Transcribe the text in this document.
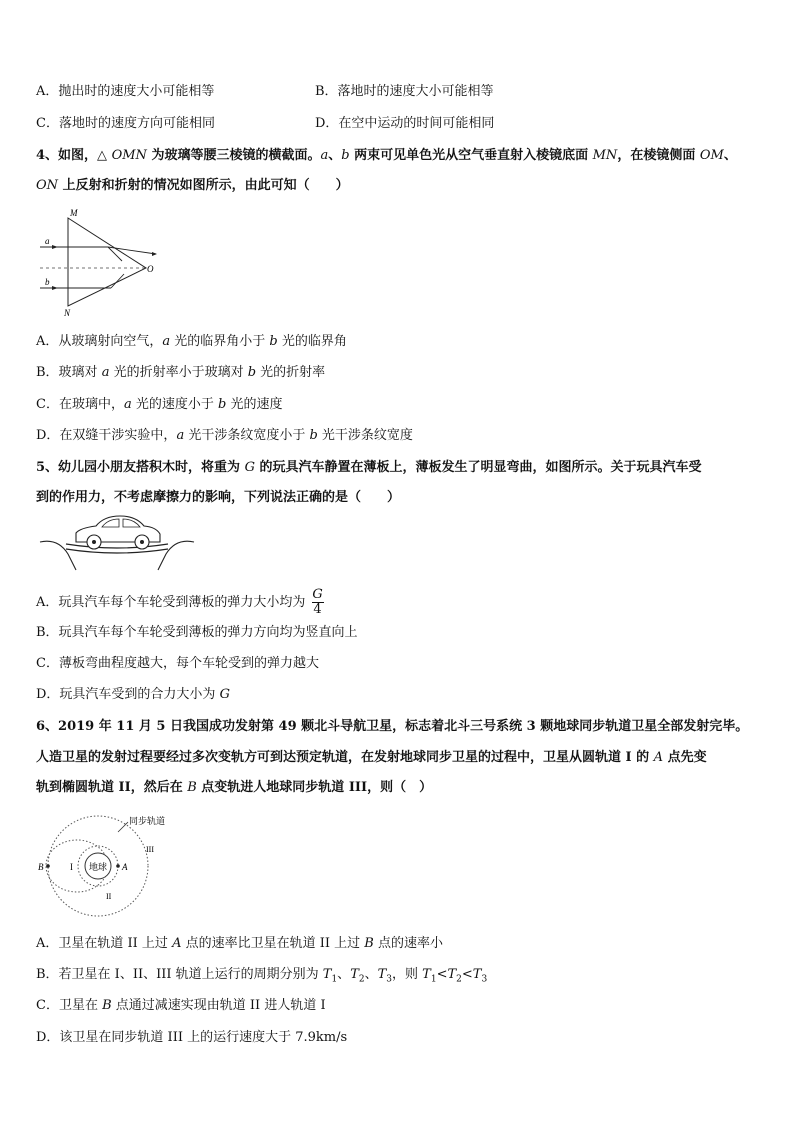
A．抛出时的速度大小可能相等	B．落地时的速度大小可能相等
C．落地时的速度方向可能相同	D．在空中运动的时间可能相同
4、如图，△ OMN 为玻璃等腰三棱镜的横截面。a、b 两束可见单色光从空气垂直射入棱镜底面 MN，在棱镜侧面 OM、
ON 上反射和折射的情况如图所示，由此可知（　　）
M
N
O
a
b
A．从玻璃射向空气，a 光的临界角小于 b 光的临界角
B．玻璃对 a 光的折射率小于玻璃对 b 光的折射率
C．在玻璃中，a 光的速度小于 b 光的速度
D．在双缝干涉实验中，a 光干涉条纹宽度小于 b 光干涉条纹宽度
5、幼儿园小朋友搭积木时，将重为 G 的玩具汽车静置在薄板上，薄板发生了明显弯曲，如图所示。关于玩具汽车受
到的作用力，不考虑摩擦力的影响，下列说法正确的是（　　）
A．玩具汽车每个车轮受到薄板的弹力大小均为 $\frac{G}{4}$
B．玩具汽车每个车轮受到薄板的弹力方向均为竖直向上
C．薄板弯曲程度越大，每个车轮受到的弹力越大
D．玩具汽车受到的合力大小为 G
6、2019 年 11 月 5 日我国成功发射第 49 颗北斗导航卫星，标志着北斗三号系统 3 颗地球同步轨道卫星全部发射完毕。
人造卫星的发射过程要经过多次变轨方可到达预定轨道，在发射地球同步卫星的过程中，卫星从圆轨道 I 的 A 点先变
轨到椭圆轨道 II，然后在 B 点变轨进人地球同步轨道 III，则（　）
地球
同步轨道
III
I
II
A
B
A．卫星在轨道 II 上过 A 点的速率比卫星在轨道 II 上过 B 点的速率小
B．若卫星在 I、II、III 轨道上运行的周期分别为 $T_1$、$T_2$、$T_3$，则 $T_1<T_2<T_3$
C．卫星在 B 点通过减速实现由轨道 II 进人轨道 I
D．该卫星在同步轨道 III 上的运行速度大于 7.9km/s
